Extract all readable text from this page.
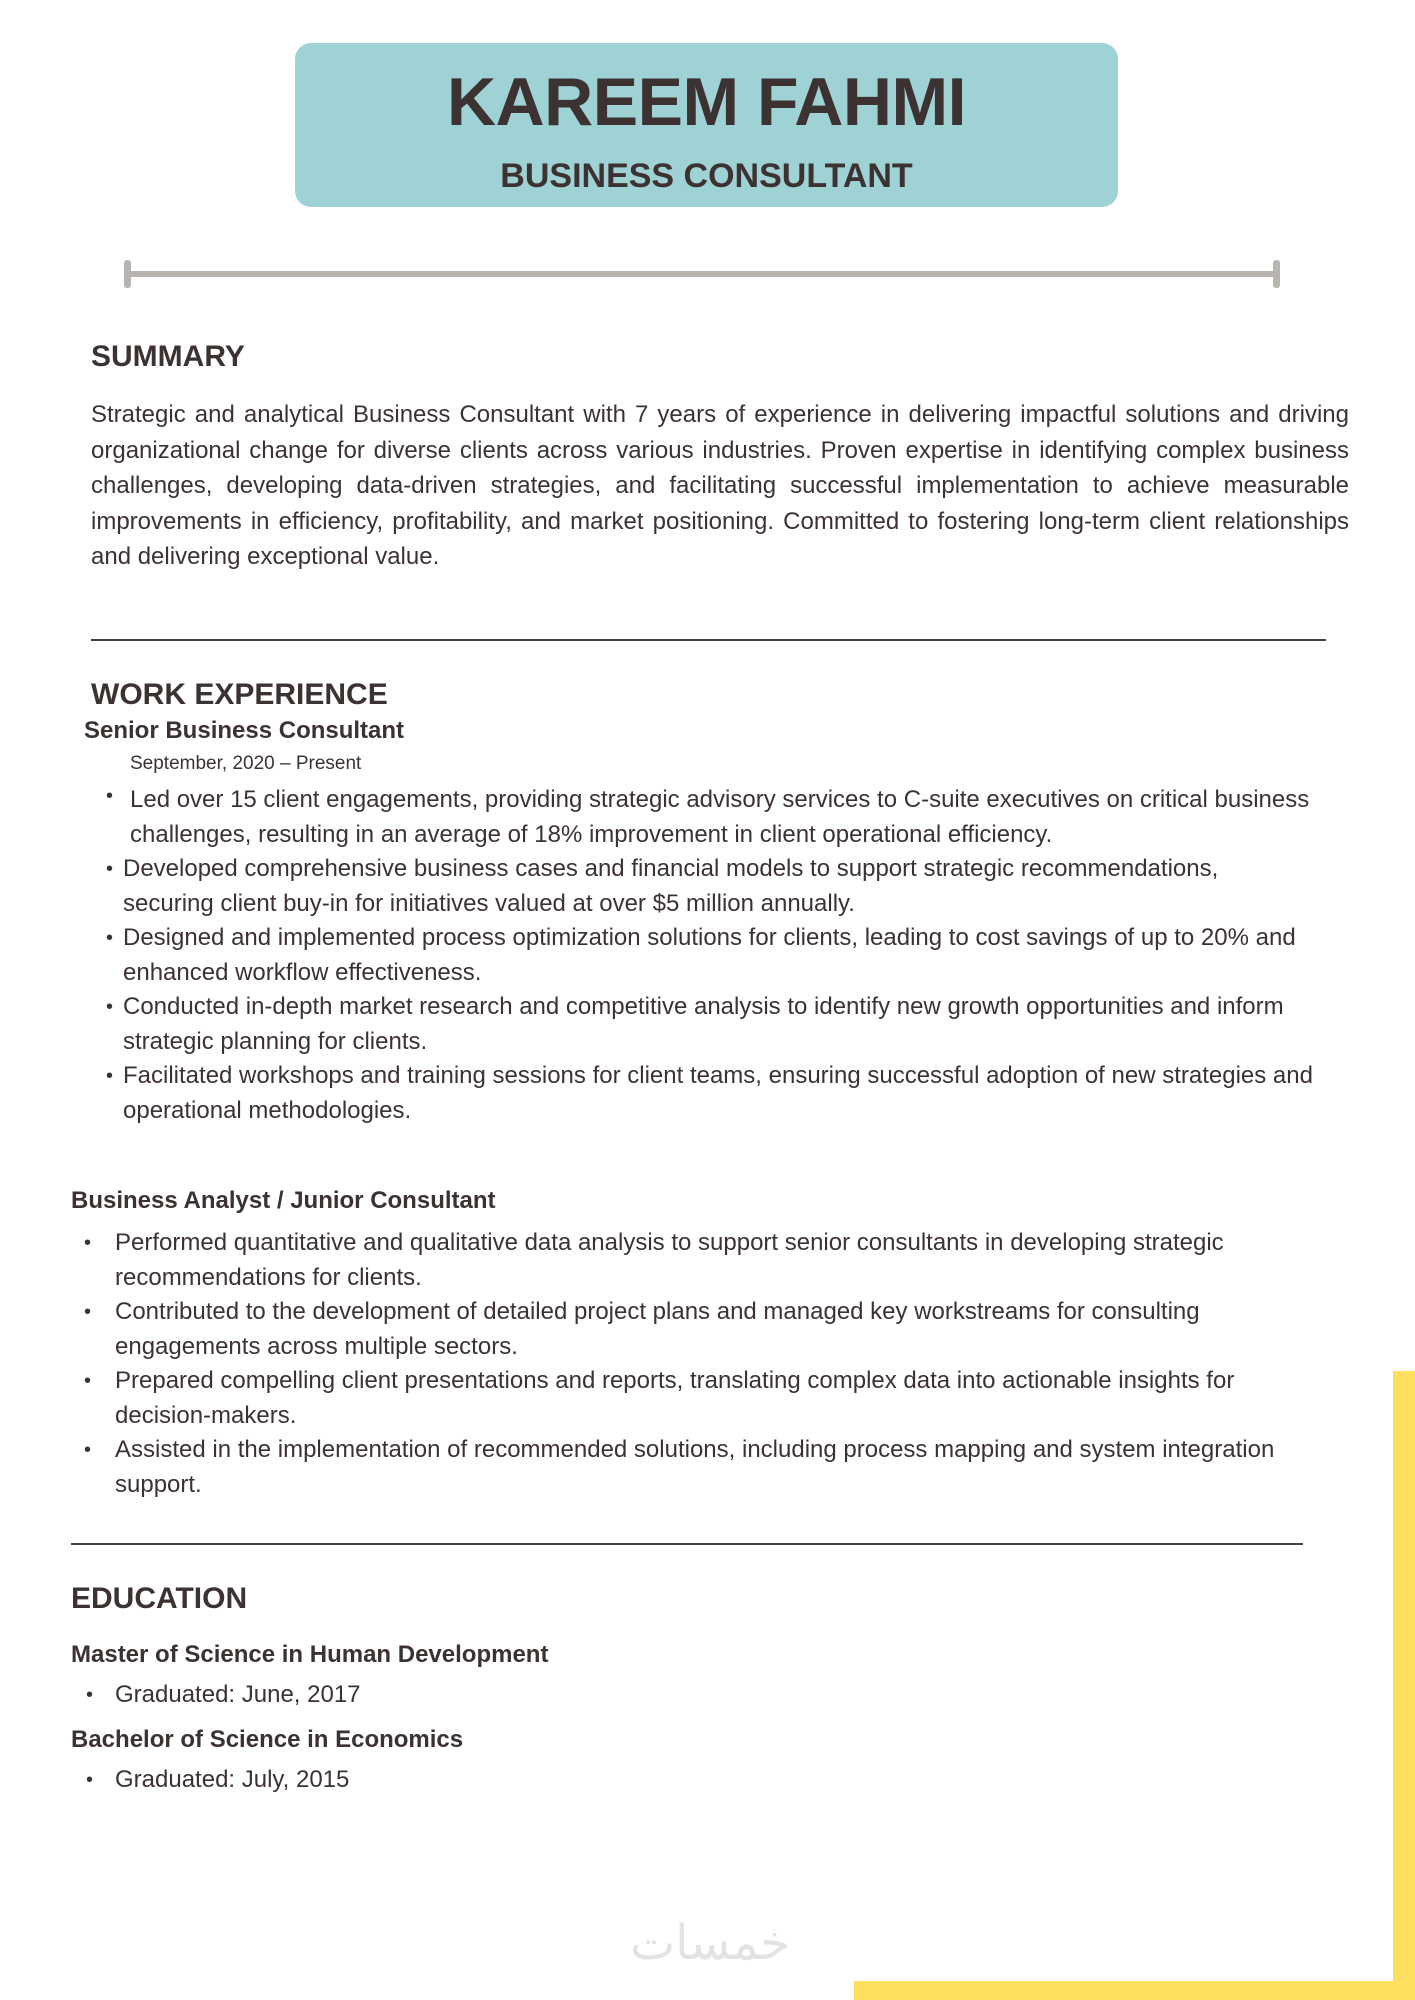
KAREEM FAHMI
BUSINESS CONSULTANT
SUMMARY
Strategic and analytical Business Consultant with 7 years of experience in delivering impactful solutions and driving organizational change for diverse clients across various industries. Proven expertise in identifying complex business challenges, developing data-driven strategies, and facilitating successful implementation to achieve measurable improvements in efficiency, profitability, and market positioning. Committed to fostering long-term client relationships and delivering exceptional value.
WORK EXPERIENCE
Senior Business Consultant
September, 2020 – Present
• Led over 15 client engagements, providing strategic advisory services to C-suite executives on critical business challenges, resulting in an average of 18% improvement in client operational efficiency.
• Developed comprehensive business cases and financial models to support strategic recommendations, securing client buy-in for initiatives valued at over $5 million annually.
• Designed and implemented process optimization solutions for clients, leading to cost savings of up to 20% and enhanced workflow effectiveness.
• Conducted in-depth market research and competitive analysis to identify new growth opportunities and inform strategic planning for clients.
• Facilitated workshops and training sessions for client teams, ensuring successful adoption of new strategies and operational methodologies.
Business Analyst / Junior Consultant
• Performed quantitative and qualitative data analysis to support senior consultants in developing strategic recommendations for clients.
• Contributed to the development of detailed project plans and managed key workstreams for consulting engagements across multiple sectors.
• Prepared compelling client presentations and reports, translating complex data into actionable insights for decision-makers.
• Assisted in the implementation of recommended solutions, including process mapping and system integration support.
EDUCATION
Master of Science in Human Development
• Graduated: June, 2017
Bachelor of Science in Economics
• Graduated: July, 2015
خمسات
